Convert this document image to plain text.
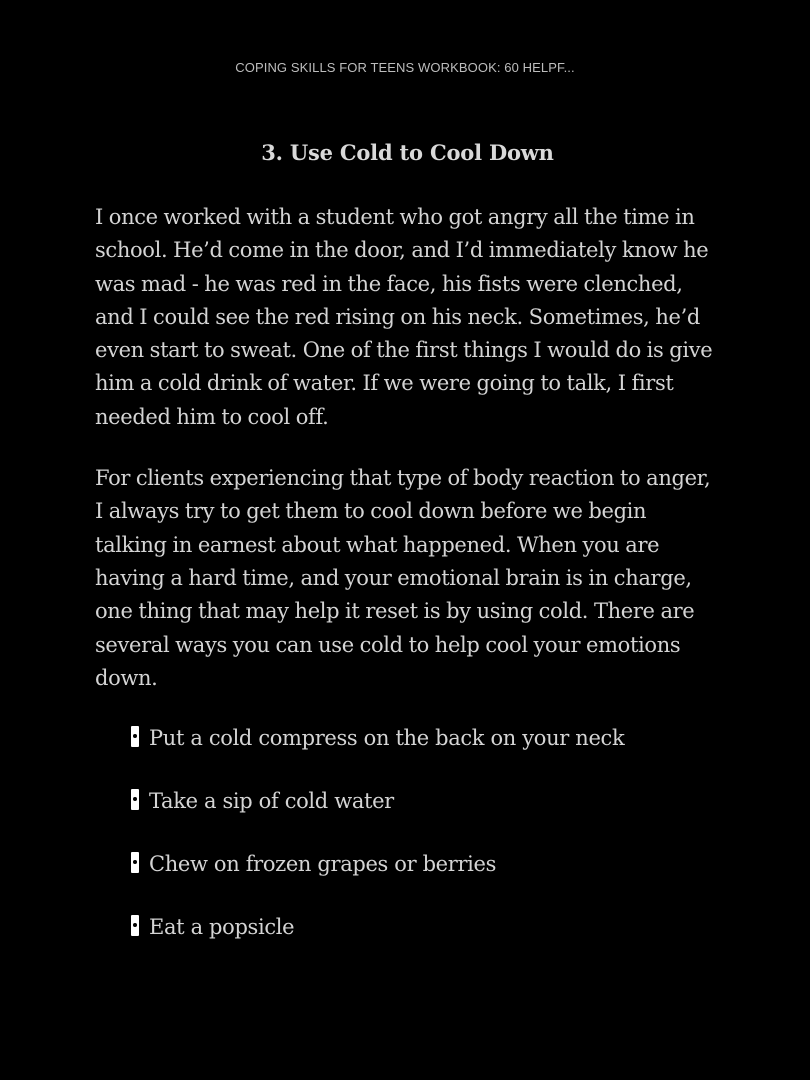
COPING SKILLS FOR TEENS WORKBOOK: 60 HELPF...
3. Use Cold to Cool Down

I once worked with a student who got angry all the time in school. He’d come in the door, and I’d immediately know he was mad - he was red in the face, his fists were clenched, and I could see the red rising on his neck. Sometimes, he’d even start to sweat. One of the first things I would do is give him a cold drink of water. If we were going to talk, I first needed him to cool off.

For clients experiencing that type of body reaction to anger, I always try to get them to cool down before we begin talking in earnest about what happened. When you are having a hard time, and your emotional brain is in charge, one thing that may help it reset is by using cold. There are several ways you can use cold to help cool your emotions down.

Put a cold compress on the back on your neck
Take a sip of cold water
Chew on frozen grapes or berries
Eat a popsicle
